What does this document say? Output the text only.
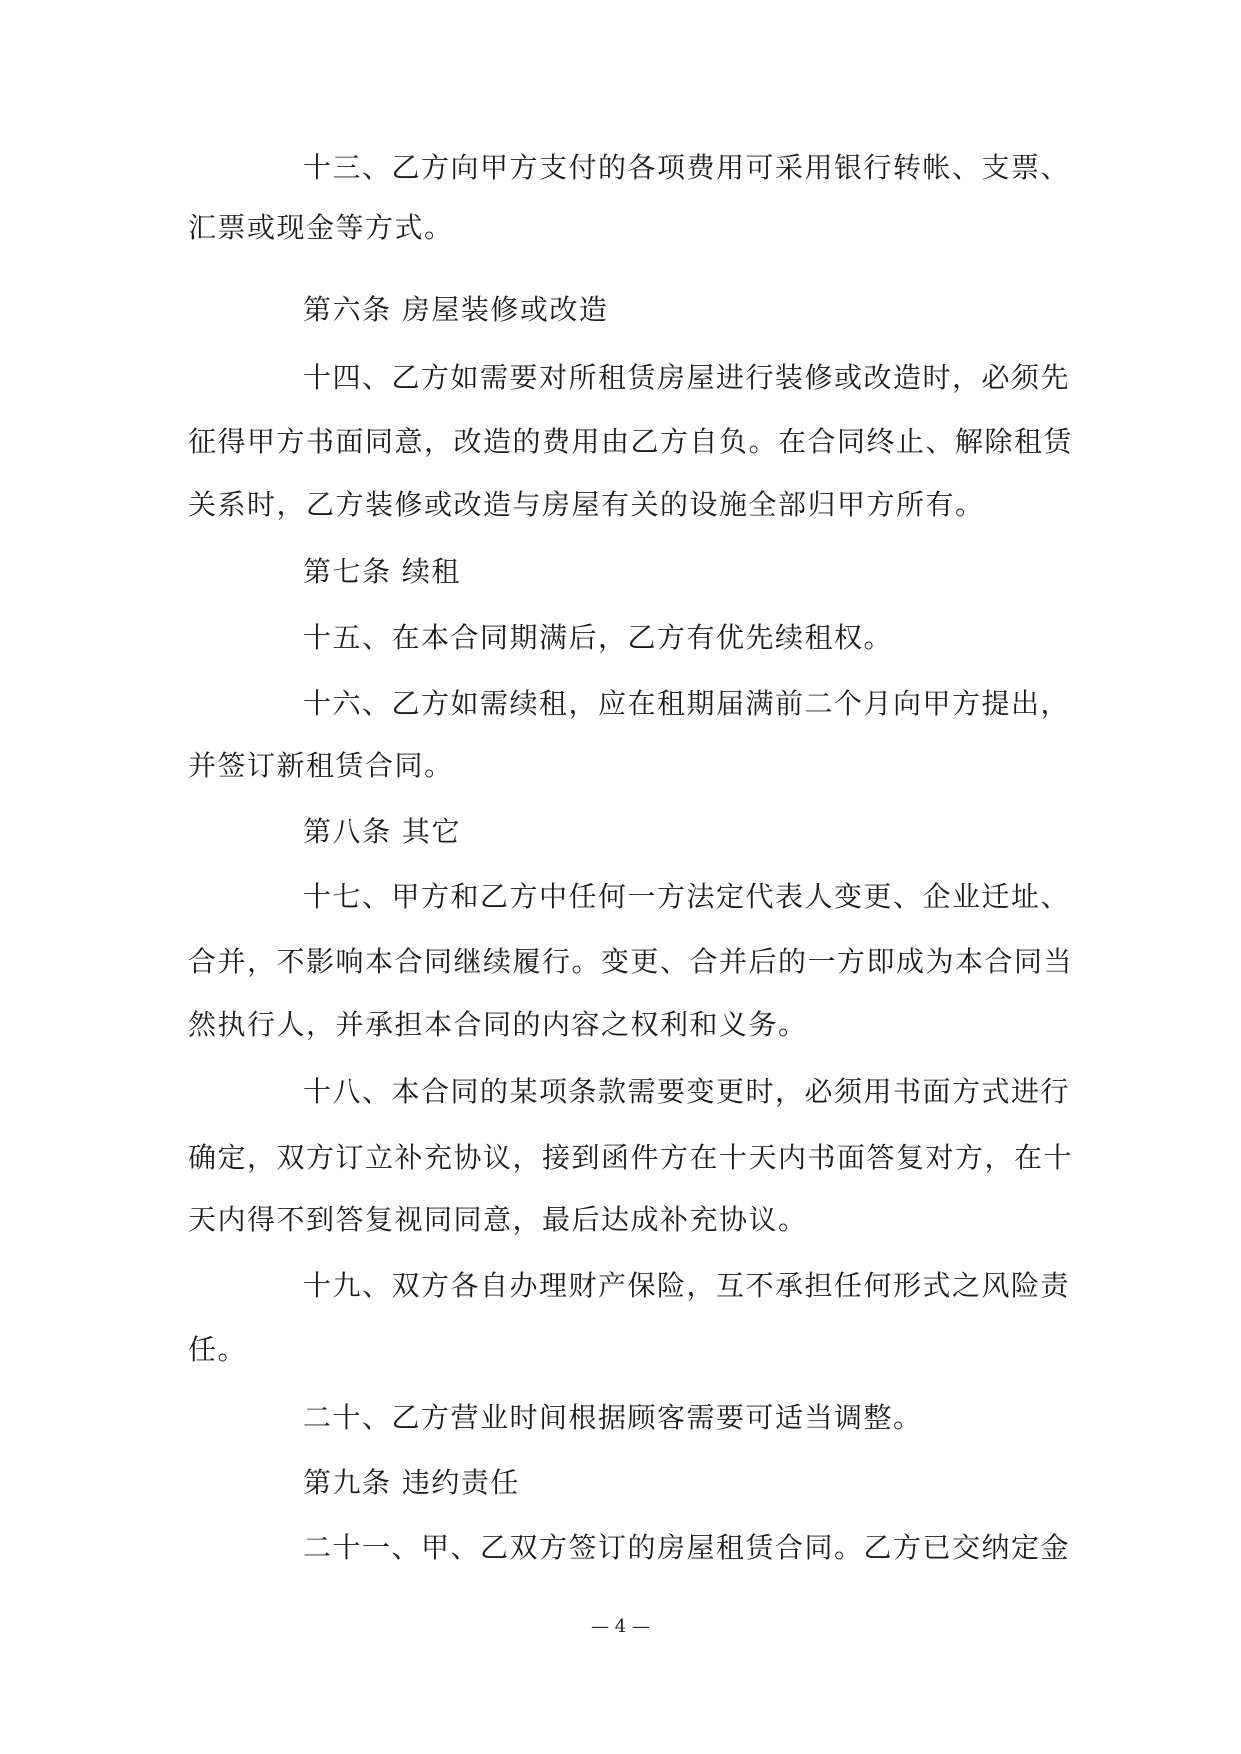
十三、乙方向甲方支付的各项费用可采用银行转帐、支票、
汇票或现金等方式。
第六条 房屋装修或改造
十四、乙方如需要对所租赁房屋进行装修或改造时，必须先
征得甲方书面同意，改造的费用由乙方自负。在合同终止、解除租赁
关系时，乙方装修或改造与房屋有关的设施全部归甲方所有。
第七条 续租
十五、在本合同期满后，乙方有优先续租权。
十六、乙方如需续租，应在租期届满前二个月向甲方提出，
并签订新租赁合同。
第八条 其它
十七、甲方和乙方中任何一方法定代表人变更、企业迁址、
合并，不影响本合同继续履行。变更、合并后的一方即成为本合同当
然执行人，并承担本合同的内容之权利和义务。
十八、本合同的某项条款需要变更时，必须用书面方式进行
确定，双方订立补充协议，接到函件方在十天内书面答复对方，在十
天内得不到答复视同同意，最后达成补充协议。
十九、双方各自办理财产保险，互不承担任何形式之风险责
任。
二十、乙方营业时间根据顾客需要可适当调整。
第九条 违约责任
二十一、甲、乙双方签订的房屋租赁合同。乙方已交纳定金
— 4 —
